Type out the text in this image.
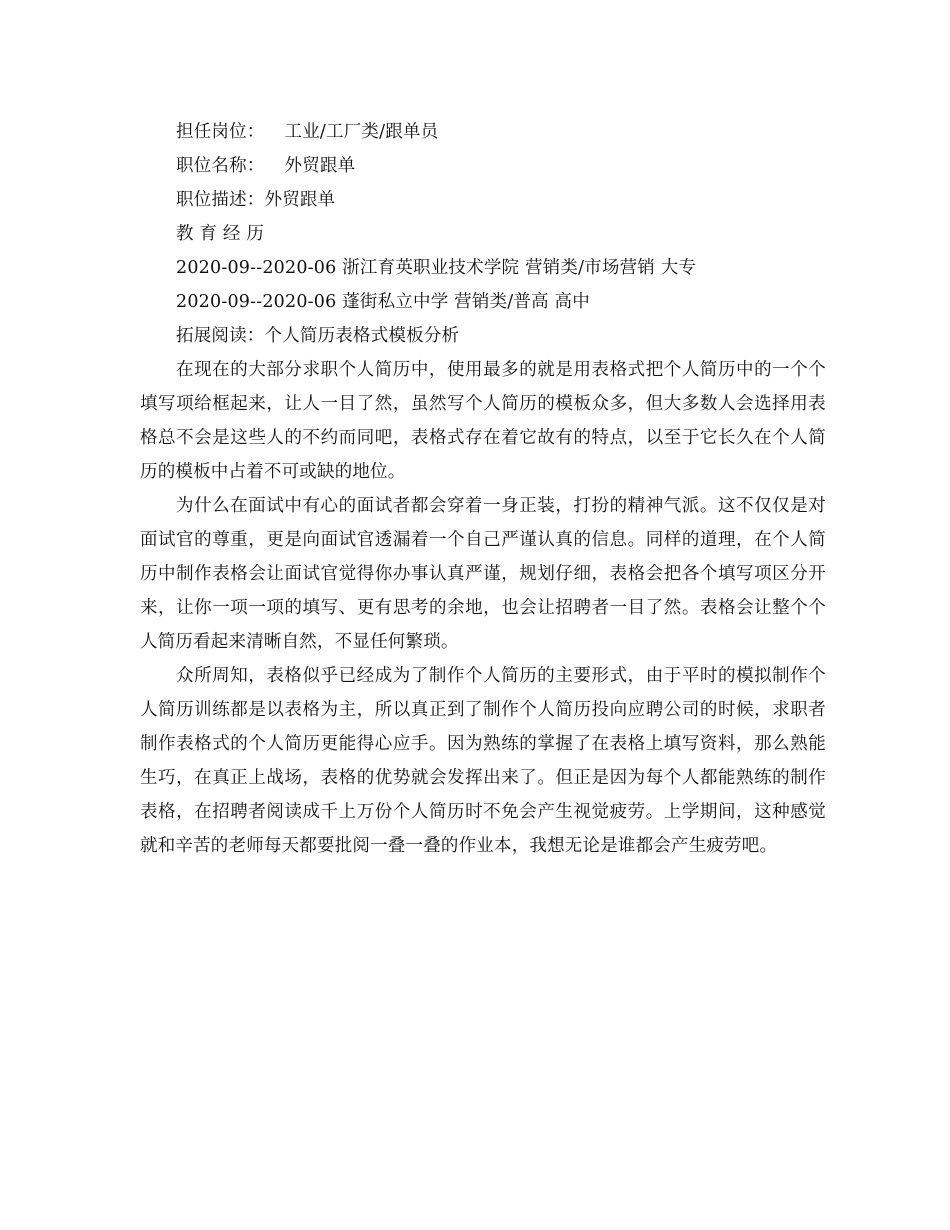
担任岗位： 工业/工厂类/跟单员

职位名称： 外贸跟单

职位描述：外贸跟单

教 育 经 历

2020-09--2020-06 浙江育英职业技术学院 营销类/市场营销 大专

2020-09--2020-06 蓬街私立中学 营销类/普高 高中

拓展阅读：个人简历表格式模板分析

在现在的大部分求职个人简历中，使用最多的就是用表格式把个人简历中的一个个填写项给框起来，让人一目了然，虽然写个人简历的模板众多，但大多数人会选择用表格总不会是这些人的不约而同吧，表格式存在着它故有的特点，以至于它长久在个人简历的模板中占着不可或缺的地位。

为什么在面试中有心的面试者都会穿着一身正装，打扮的精神气派。这不仅仅是对面试官的尊重，更是向面试官透漏着一个自己严谨认真的信息。同样的道理，在个人简历中制作表格会让面试官觉得你办事认真严谨，规划仔细，表格会把各个填写项区分开来，让你一项一项的填写、更有思考的余地，也会让招聘者一目了然。表格会让整个个人简历看起来清晰自然，不显任何繁琐。

众所周知，表格似乎已经成为了制作个人简历的主要形式，由于平时的模拟制作个人简历训练都是以表格为主，所以真正到了制作个人简历投向应聘公司的时候，求职者制作表格式的个人简历更能得心应手。因为熟练的掌握了在表格上填写资料，那么熟能生巧，在真正上战场，表格的优势就会发挥出来了。但正是因为每个人都能熟练的制作表格，在招聘者阅读成千上万份个人简历时不免会产生视觉疲劳。上学期间，这种感觉就和辛苦的老师每天都要批阅一叠一叠的作业本，我想无论是谁都会产生疲劳吧。
